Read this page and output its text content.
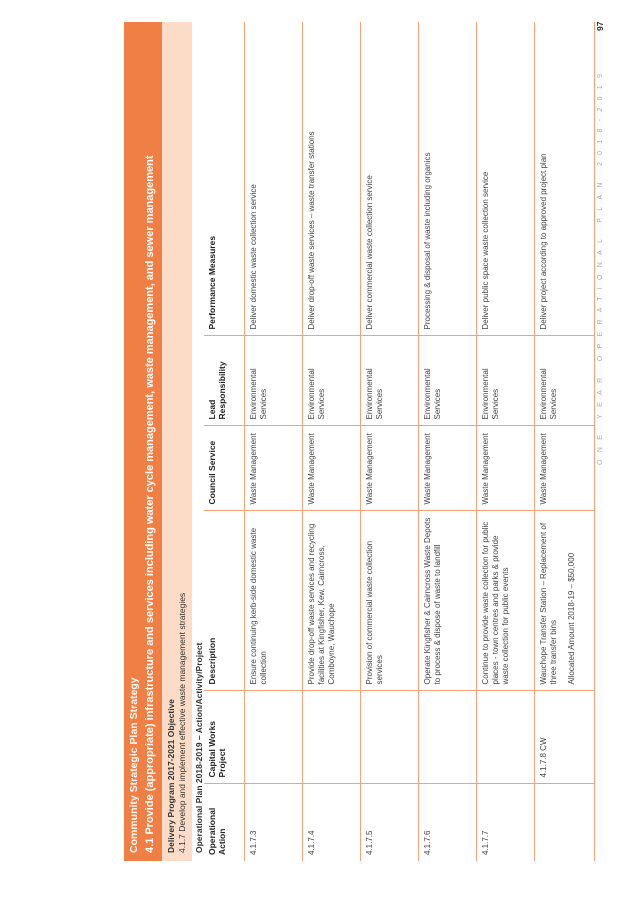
Community Strategic Plan Strategy 4.1 Provide (appropriate) infrastructure and services including water cycle management, waste management, and sewer management Delivery Program 2017-2021 Objective 4.1.7 Develop and implement effective waste management strategies Operational Plan 2018-2019 – Action/Activity/Project Operational Action	Capital Works Project	Description	Council Service	Lead Responsibility	Performance Measures
4.1.7.3		Ensure continuing kerb-side domestic waste collection	Waste Management	Environmental Services	Deliver domestic waste collection service
4.1.7.4		Provide drop-off waste services and recycling facilities at Kingfisher, Kew, Cairncross, Comboyne, Wauchope	Waste Management	Environmental Services	Deliver drop-off waste services – waste transfer stations
4.1.7.5		Provision of commercial waste collection services	Waste Management	Environmental Services	Deliver commercial waste collection service
4.1.7.6		Operate Kingfisher & Cairncross Waste Depots to process & dispose of waste to landfill	Waste Management	Environmental Services	Processing & disposal of waste including organics
4.1.7.7		Continue to provide waste collection for public places - town centres and parks & provide waste collection for public events	Waste Management	Environmental Services	Deliver public space waste collection service
	4.1.7.8 CW	Wauchope Transfer Station – Replacement of three transfer bins Allocated Amount 2018-19 – $50,000	Waste Management	Environmental Services	Deliver project according to approved project plan	ONE YEAR OPERATIONAL PLAN 2018-2019
97
